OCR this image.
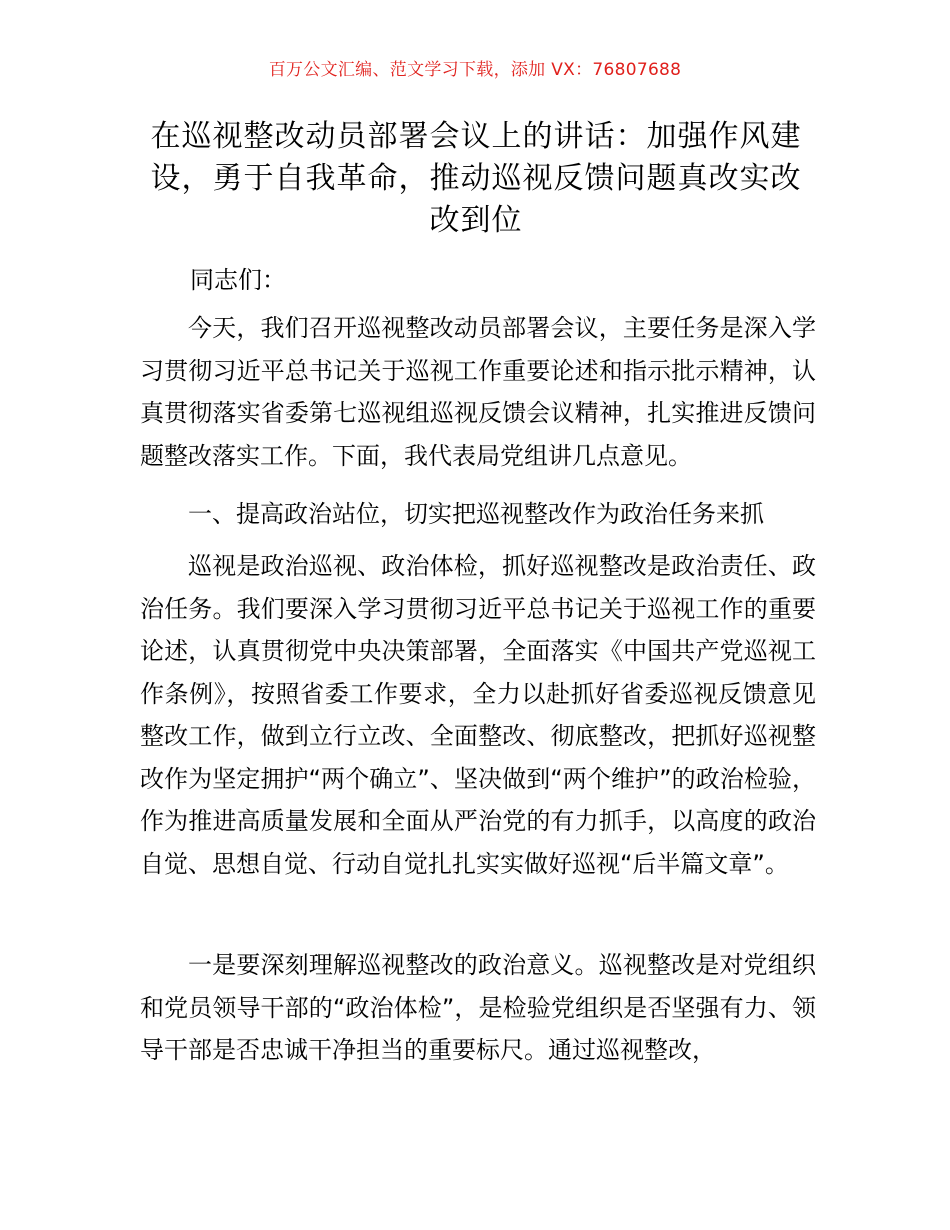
百万公文汇编、范文学习下载，添加 VX：76807688
在巡视整改动员部署会议上的讲话：加强作风建设，勇于自我革命，推动巡视反馈问题真改实改改到位

同志们：

今天，我们召开巡视整改动员部署会议，主要任务是深入学习贯彻习近平总书记关于巡视工作重要论述和指示批示精神，认真贯彻落实省委第七巡视组巡视反馈会议精神，扎实推进反馈问题整改落实工作。下面，我代表局党组讲几点意见。

一、提高政治站位，切实把巡视整改作为政治任务来抓

巡视是政治巡视、政治体检，抓好巡视整改是政治责任、政治任务。我们要深入学习贯彻习近平总书记关于巡视工作的重要论述，认真贯彻党中央决策部署，全面落实《中国共产党巡视工作条例》，按照省委工作要求，全力以赴抓好省委巡视反馈意见整改工作，做到立行立改、全面整改、彻底整改，把抓好巡视整改作为坚定拥护“两个确立”、坚决做到“两个维护”的政治检验，作为推进高质量发展和全面从严治党的有力抓手，以高度的政治自觉、思想自觉、行动自觉扎扎实实做好巡视“后半篇文章”。

一是要深刻理解巡视整改的政治意义。巡视整改是对党组织和党员领导干部的“政治体检”，是检验党组织是否坚强有力、领导干部是否忠诚干净担当的重要标尺。通过巡视整改，
